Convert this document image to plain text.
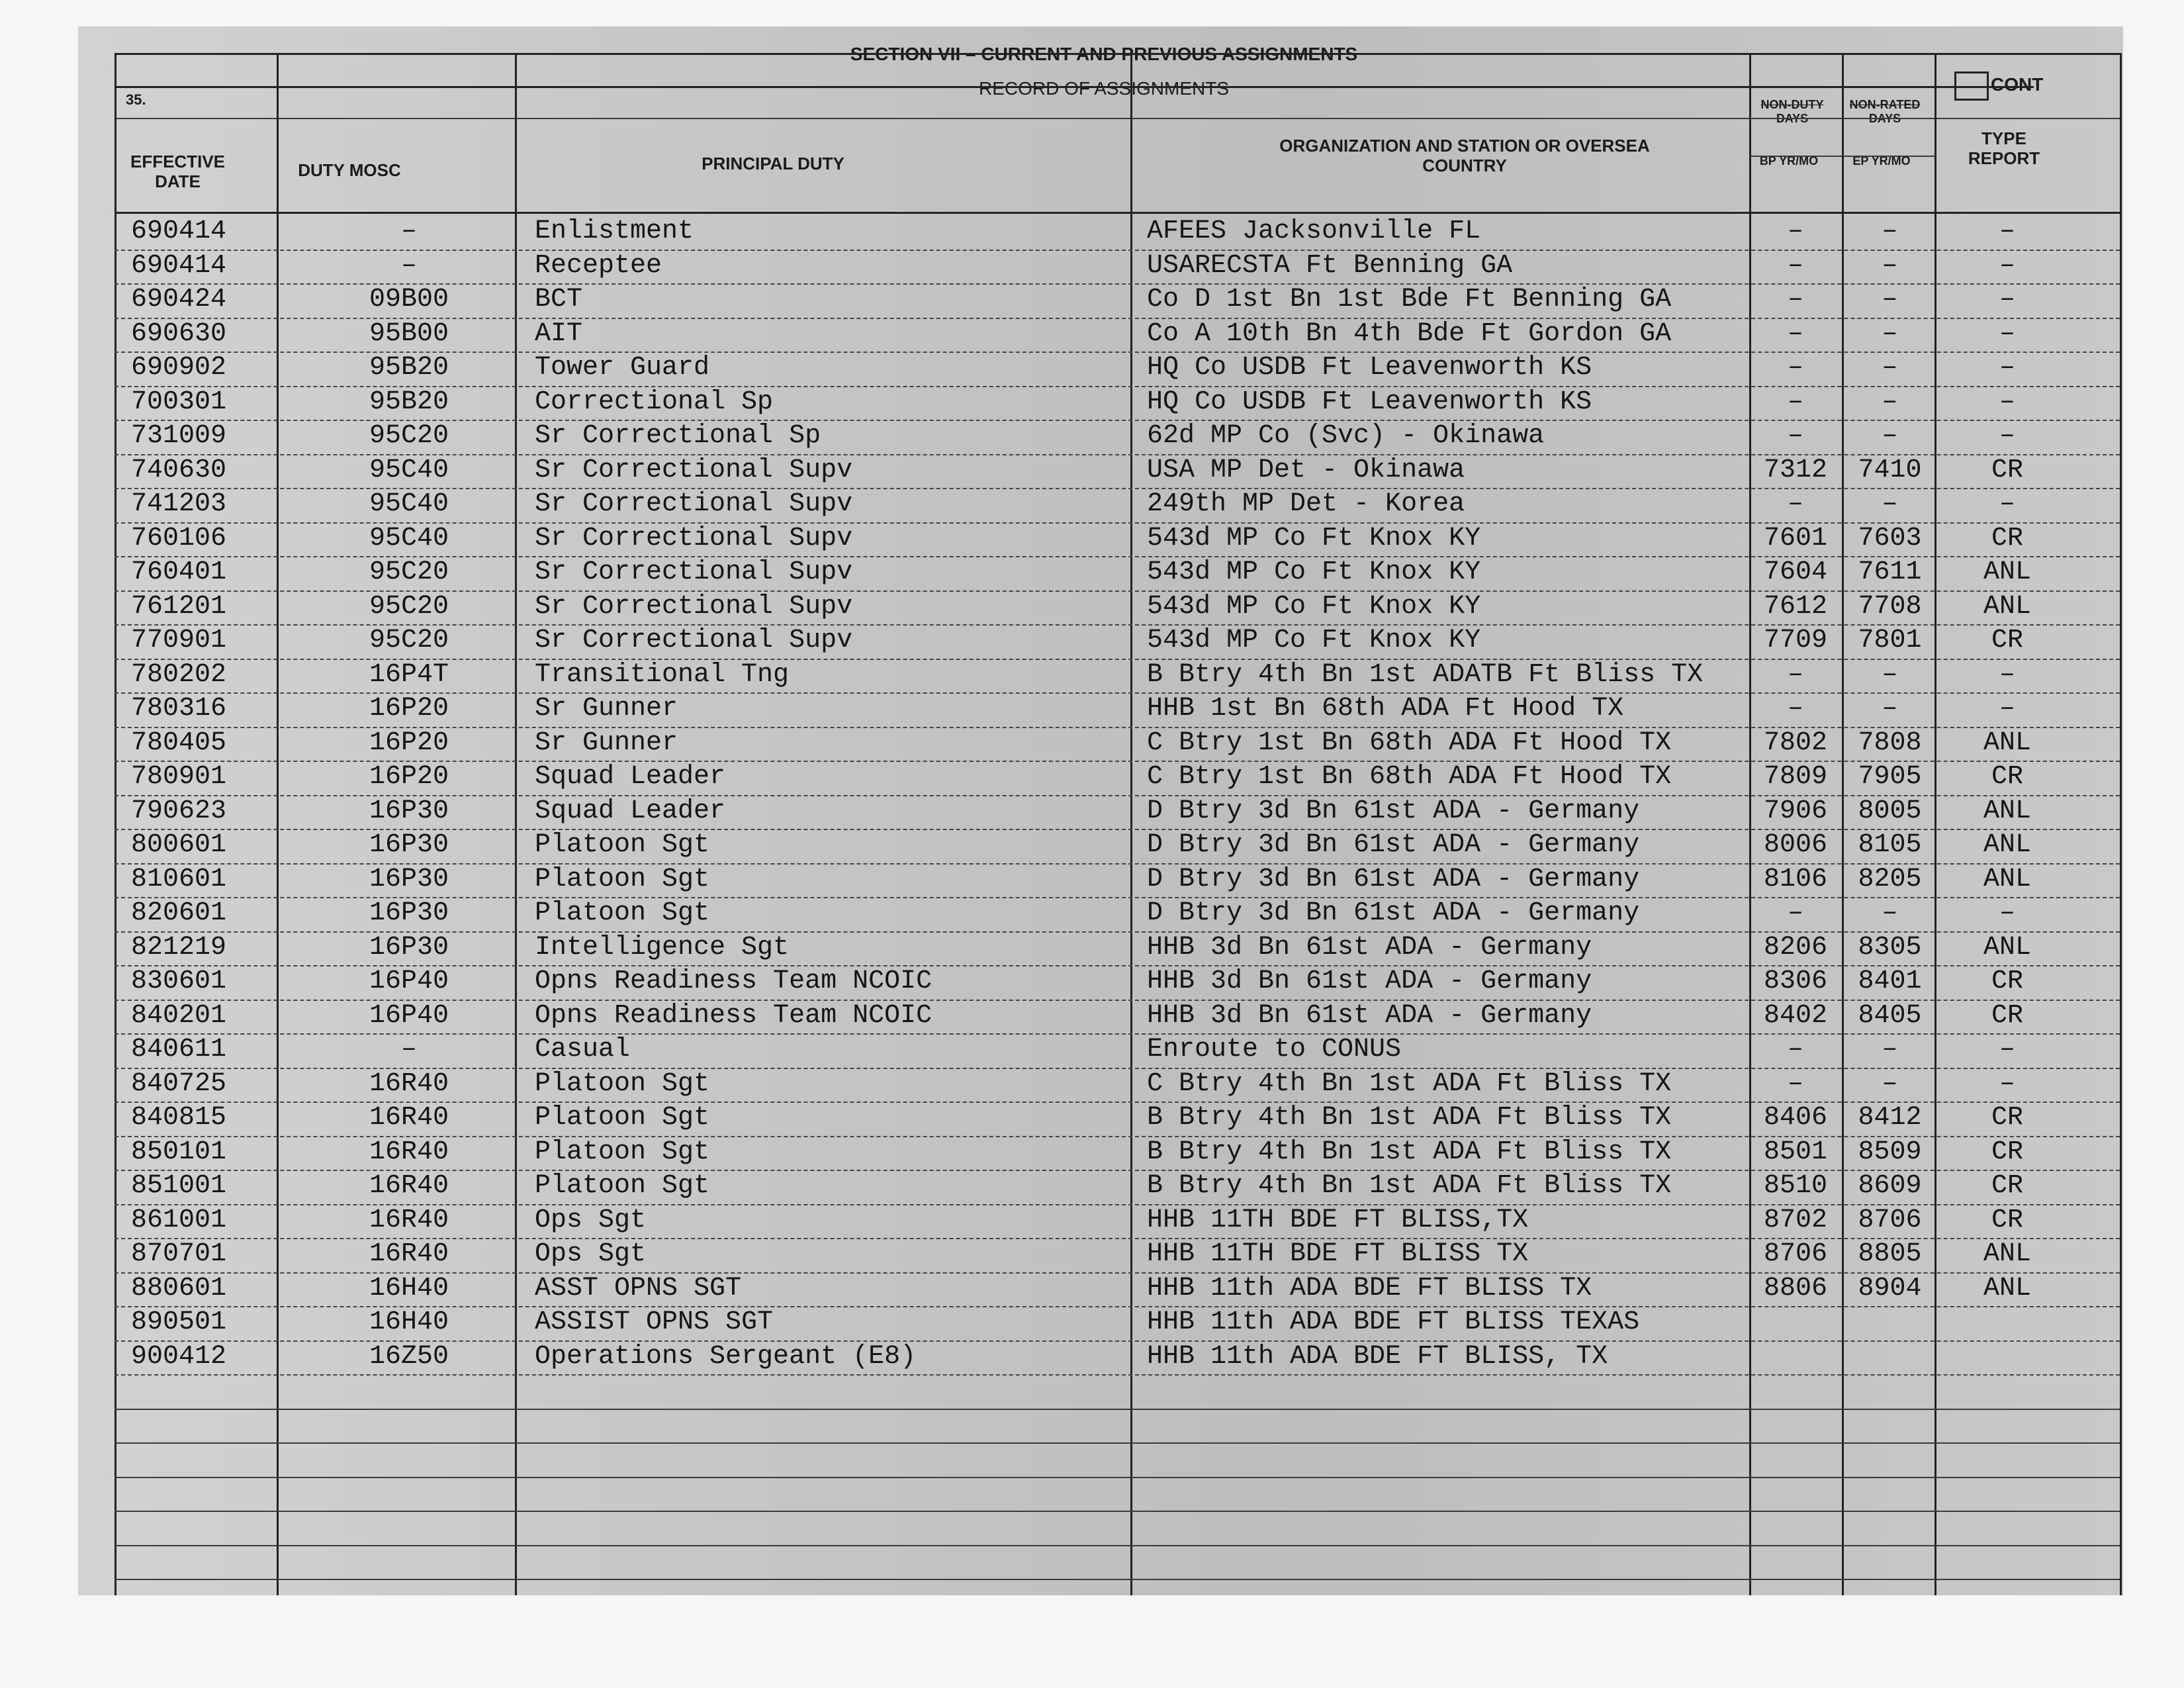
SECTION VII – CURRENT AND PREVIOUS ASSIGNMENTS
RECORD OF ASSIGNMENTS
35.
CONT
EFFECTIVE DATE
DUTY MOSC	PRINCIPAL DUTY
ORGANIZATION AND STATION OR OVERSEA COUNTRY
NON-DUTY DAYS
NON-RATED DAYS
BP YR/MO	EP YR/MO
TYPE REPORT
690414	–	Enlistment	AFEES Jacksonville FL	–	–	–
690414	–	Receptee	USARECSTA Ft Benning GA	–	–	–
690424	09B00	BCT	Co D 1st Bn 1st Bde Ft Benning GA	–	–	–
690630	95B00	AIT	Co A 10th Bn 4th Bde Ft Gordon GA	–	–	–
690902	95B20	Tower Guard	HQ Co USDB Ft Leavenworth KS	–	–	–
700301	95B20	Correctional Sp	HQ Co USDB Ft Leavenworth KS	–	–	–
731009	95C20	Sr Correctional Sp	62d MP Co (Svc) - Okinawa	–	–	–
740630	95C40	Sr Correctional Supv	USA MP Det - Okinawa	7312	7410	CR
741203	95C40	Sr Correctional Supv	249th MP Det - Korea	–	–	–
760106	95C40	Sr Correctional Supv	543d MP Co Ft Knox KY	7601	7603	CR
760401	95C20	Sr Correctional Supv	543d MP Co Ft Knox KY	7604	7611	ANL
761201	95C20	Sr Correctional Supv	543d MP Co Ft Knox KY	7612	7708	ANL
770901	95C20	Sr Correctional Supv	543d MP Co Ft Knox KY	7709	7801	CR
780202	16P4T	Transitional Tng	B Btry 4th Bn 1st ADATB Ft Bliss TX	–	–	–
780316	16P20	Sr Gunner	HHB 1st Bn 68th ADA Ft Hood TX	–	–	–
780405	16P20	Sr Gunner	C Btry 1st Bn 68th ADA Ft Hood TX	7802	7808	ANL
780901	16P20	Squad Leader	C Btry 1st Bn 68th ADA Ft Hood TX	7809	7905	CR
790623	16P30	Squad Leader	D Btry 3d Bn 61st ADA - Germany	7906	8005	ANL
800601	16P30	Platoon Sgt	D Btry 3d Bn 61st ADA - Germany	8006	8105	ANL
810601	16P30	Platoon Sgt	D Btry 3d Bn 61st ADA - Germany	8106	8205	ANL
820601	16P30	Platoon Sgt	D Btry 3d Bn 61st ADA - Germany	–	–	–
821219	16P30	Intelligence Sgt	HHB 3d Bn 61st ADA - Germany	8206	8305	ANL
830601	16P40	Opns Readiness Team NCOIC	HHB 3d Bn 61st ADA - Germany	8306	8401	CR
840201	16P40	Opns Readiness Team NCOIC	HHB 3d Bn 61st ADA - Germany	8402	8405	CR
840611	–	Casual	Enroute to CONUS	–	–	–
840725	16R40	Platoon Sgt	C Btry 4th Bn 1st ADA Ft Bliss TX	–	–	–
840815	16R40	Platoon Sgt	B Btry 4th Bn 1st ADA Ft Bliss TX	8406	8412	CR
850101	16R40	Platoon Sgt	B Btry 4th Bn 1st ADA Ft Bliss TX	8501	8509	CR
851001	16R40	Platoon Sgt	B Btry 4th Bn 1st ADA Ft Bliss TX	8510	8609	CR
861001	16R40	Ops Sgt	HHB 11TH BDE FT BLISS,TX	8702	8706	CR
870701	16R40	Ops Sgt	HHB 11TH BDE FT BLISS TX	8706	8805	ANL
880601	16H40	ASST OPNS SGT	HHB 11th ADA BDE FT BLISS TX	8806	8904	ANL
890501	16H40	ASSIST OPNS SGT	HHB 11th ADA BDE FT BLISS TEXAS
900412	16Z50	Operations Sergeant (E8)	HHB 11th ADA BDE FT BLISS, TX
